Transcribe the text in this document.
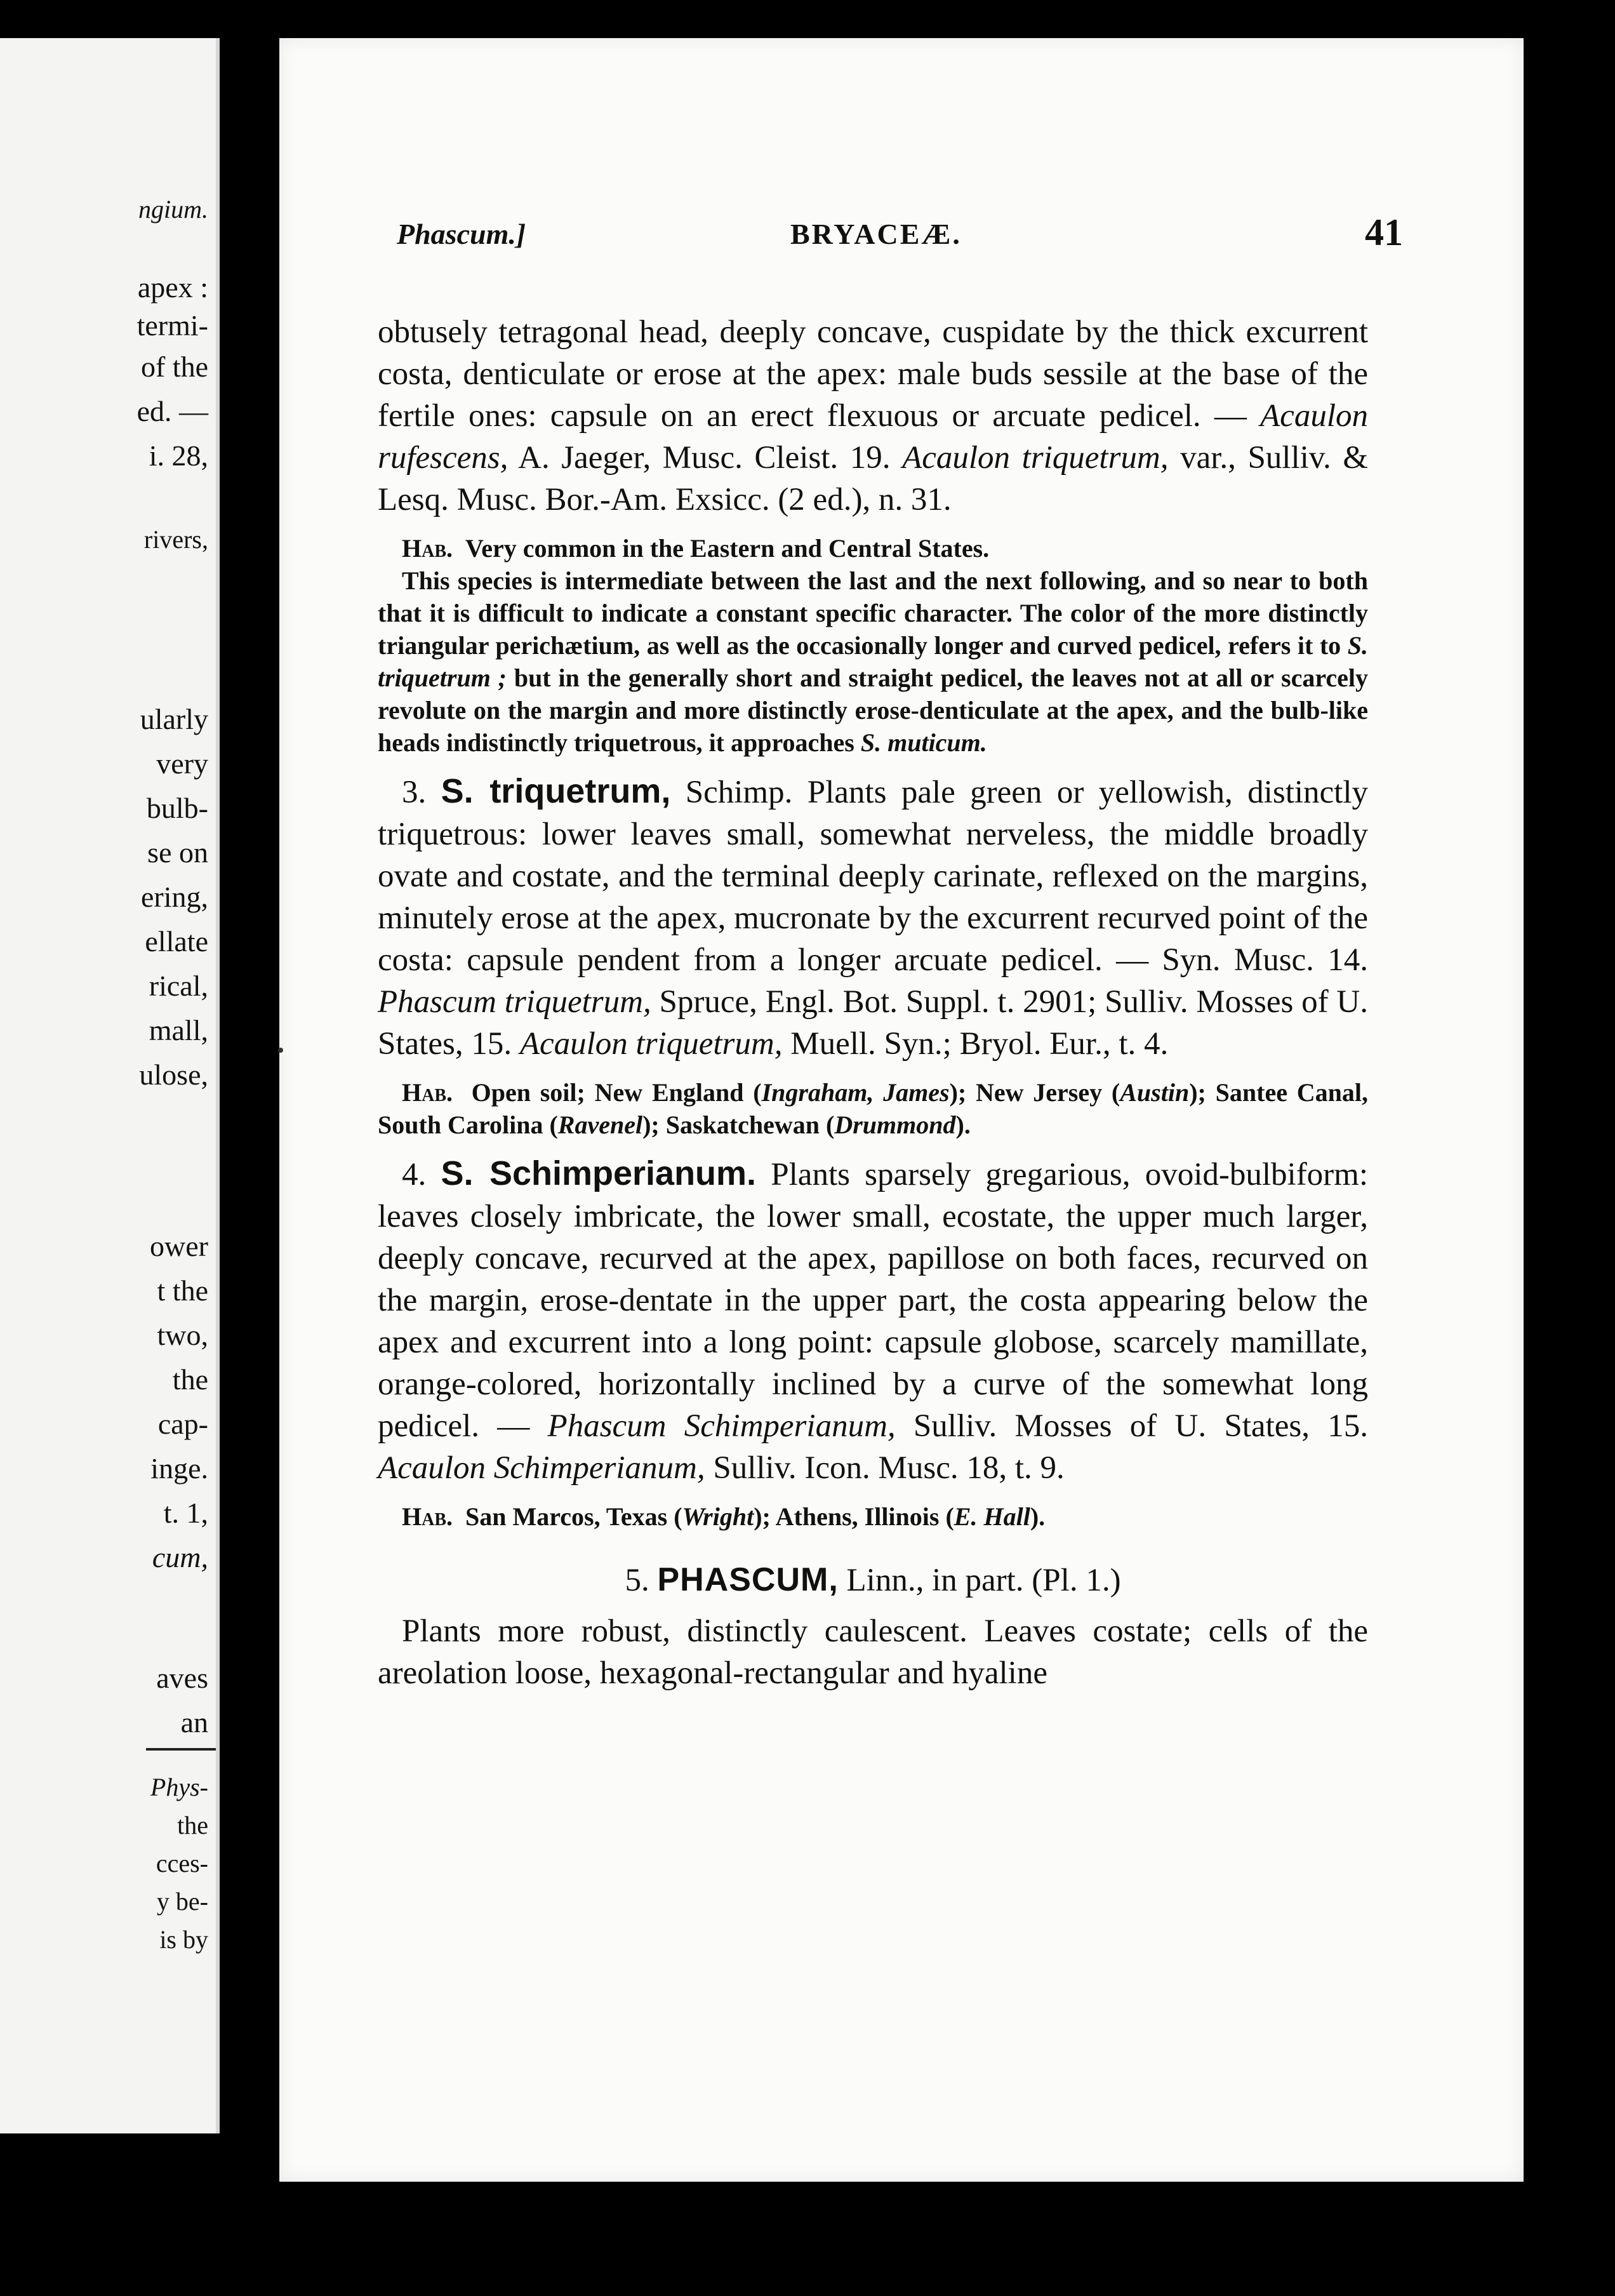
ngium.
apex :
termi-
of the
ed. —
i. 28,
rivers,
ularly
very
bulb-
se on
ering,
ellate
rical,
mall,
ulose,
ower
t the
two,
the
cap-
inge.
t. 1,
cum,
aves
an
Phys-
the
cces-
y be-
is by
Phascum.]	BRYACEÆ.	41

obtusely tetragonal head, deeply concave, cuspidate by the thick excurrent costa, denticulate or erose at the apex: male buds sessile at the base of the fertile ones: capsule on an erect flexuous or arcuate pedicel. — Acaulon rufescens, A. Jaeger, Musc. Cleist. 19. Acaulon triquetrum, var., Sulliv. & Lesq. Musc. Bor.-Am. Exsicc. (2 ed.), n. 31.

Hab. Very common in the Eastern and Central States.

This species is intermediate between the last and the next following, and so near to both that it is difficult to indicate a constant specific character. The color of the more distinctly triangular perichætium, as well as the occasionally longer and curved pedicel, refers it to S. triquetrum ; but in the generally short and straight pedicel, the leaves not at all or scarcely revolute on the margin and more distinctly erose-denticulate at the apex, and the bulb-like heads indistinctly triquetrous, it approaches S. muticum.

3. S. triquetrum, Schimp. Plants pale green or yellowish, distinctly triquetrous: lower leaves small, somewhat nerveless, the middle broadly ovate and costate, and the terminal deeply carinate, reflexed on the margins, minutely erose at the apex, mucronate by the excurrent recurved point of the costa: capsule pendent from a longer arcuate pedicel. — Syn. Musc. 14. Phascum triquetrum, Spruce, Engl. Bot. Suppl. t. 2901; Sulliv. Mosses of U. States, 15. Acaulon triquetrum, Muell. Syn.; Bryol. Eur., t. 4.

Hab. Open soil; New England (Ingraham, James); New Jersey (Austin); Santee Canal, South Carolina (Ravenel); Saskatchewan (Drummond).

4. S. Schimperianum. Plants sparsely gregarious, ovoid-bulbiform: leaves closely imbricate, the lower small, ecostate, the upper much larger, deeply concave, recurved at the apex, papillose on both faces, recurved on the margin, erose-dentate in the upper part, the costa appearing below the apex and excurrent into a long point: capsule globose, scarcely mamillate, orange-colored, horizontally inclined by a curve of the somewhat long pedicel. — Phascum Schimperianum, Sulliv. Mosses of U. States, 15. Acaulon Schimperianum, Sulliv. Icon. Musc. 18, t. 9.

Hab. San Marcos, Texas (Wright); Athens, Illinois (E. Hall).

5. PHASCUM, Linn., in part. (Pl. 1.)

Plants more robust, distinctly caulescent. Leaves costate; cells of the areolation loose, hexagonal-rectangular and hyaline
